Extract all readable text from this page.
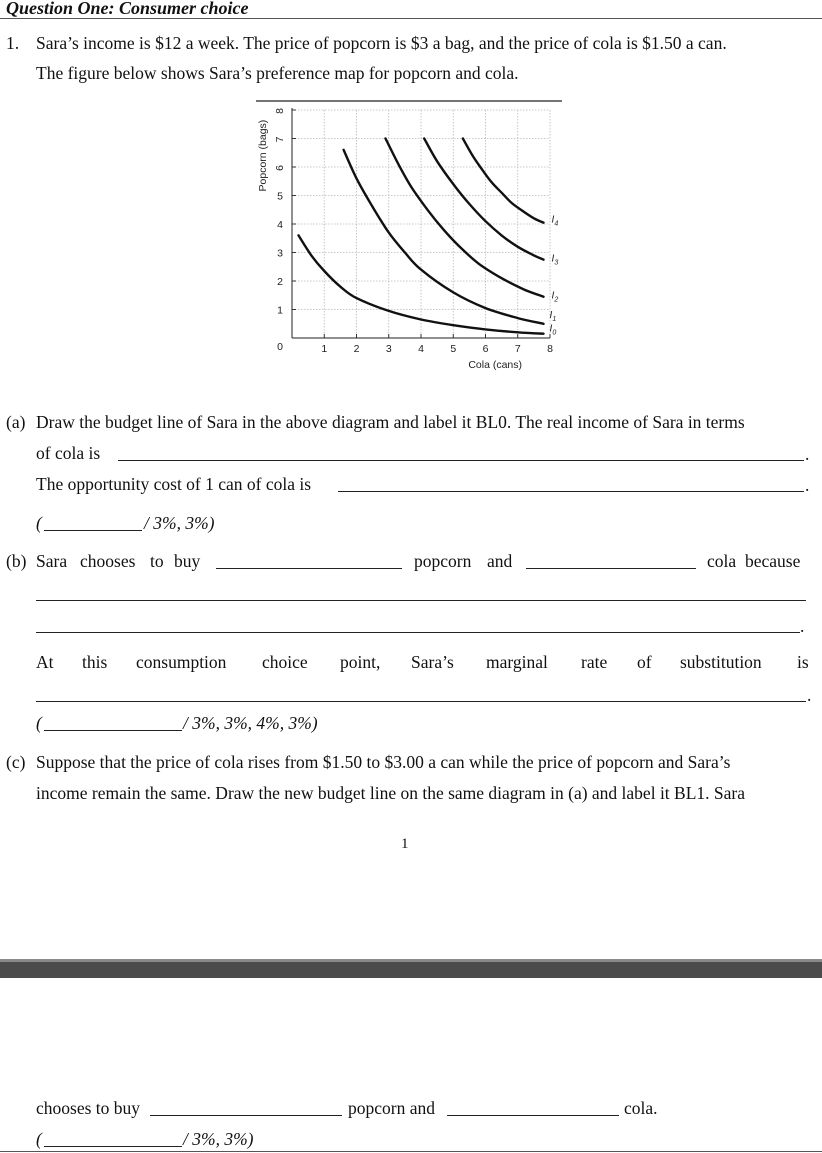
Question One: Consumer choice
1. Sara’s income is $12 a week. The price of popcorn is $3 a bag, and the price of cola is $1.50 a can.
The figure below shows Sara’s preference map for popcorn and cola.
1	2	3	4	5	6	7	8
0
1
2
3
4
5
6
7
8
$I_0$
$I_1$
$I_2$
$I_3$
$I_4$
Cola (cans)
Popcorn (bags)
(a) Draw the budget line of Sara in the above diagram and label it BL0. The real income of Sara in terms
of cola is	.
The opportunity cost of 1 can of cola is	.
(	/ 3%, 3%)
(b) Sara chooses to buy	popcorn and	cola because
.
At this consumption choice point, Sara’s marginal rate of substitution is
.
(	/ 3%, 3%, 4%, 3%)
(c) Suppose that the price of cola rises from $1.50 to $3.00 a can while the price of popcorn and Sara’s
income remain the same. Draw the new budget line on the same diagram in (a) and label it BL1. Sara
1
chooses to buy	popcorn and	cola.
(	/ 3%, 3%)
